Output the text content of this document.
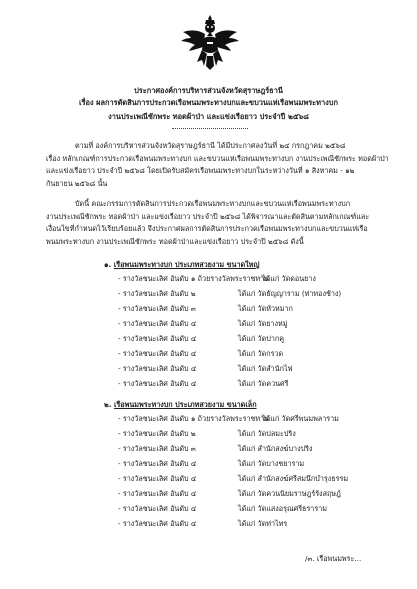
ประกาศองค์การบริหารส่วนจังหวัดสุราษฎร์ธานี
เรื่อง ผลการตัดสินการประกวดเรือพนมพระทางบกและขบวนแห่เรือพนมพระทางบก
งานประเพณีชักพระ ทอดผ้าป่า และแข่งเรือยาว ประจำปี ๒๕๖๘
ตามที่ องค์การบริหารส่วนจังหวัดสุราษฎร์ธานี ได้มีประกาศลงวันที่ ๒๔ กรกฎาคม ๒๕๖๘
เรื่อง หลักเกณฑ์การประกวดเรือพนมพระทางบก และขบวนแห่เรือพนมพระทางบก งานประเพณีชักพระ ทอดผ้าป่า
และแข่งเรือยาว ประจำปี ๒๕๖๘ โดยเปิดรับสมัครเรือพนมพระทางบกในระหว่างวันที่ ๑ สิงหาคม - ๑๒
กันยายน ๒๕๖๘ นั้น
บัดนี้ คณะกรรมการตัดสินการประกวดเรือพนมพระทางบกและขบวนแห่เรือพนมพระทางบก
งานประเพณีชักพระ ทอดผ้าป่า และแข่งเรือยาว ประจำปี ๒๕๖๘ ได้พิจารณาและตัดสินตามหลักเกณฑ์และ
เงื่อนไขที่กำหนดไว้เรียบร้อยแล้ว จึงประกาศผลการตัดสินการประกวดเรือพนมพระทางบกและขบวนแห่เรือ
พนมพระทางบก งานประเพณีชักพระ ทอดผ้าป่าและแข่งเรือยาว ประจำปี ๒๕๖๘ ดังนี้
๑. เรือพนมพระทางบก ประเภทสวยงาม ขนาดใหญ่
- รางวัลชนะเลิศ อันดับ ๑ ถ้วยรางวัลพระราชทาน
ได้แก่ วัดดอนยาง
- รางวัลชนะเลิศ อันดับ ๒	ได้แก่ วัดธัญญาราม (ท่าทองช้าง)
- รางวัลชนะเลิศ อันดับ ๓	ได้แก่ วัดหัวหมาก
- รางวัลชนะเลิศ อันดับ ๔	ได้แก่ วัดยางหมู่
- รางวัลชนะเลิศ อันดับ ๔	ได้แก่ วัดปากคู
- รางวัลชนะเลิศ อันดับ ๔	ได้แก่ วัดกรวด
- รางวัลชนะเลิศ อันดับ ๔	ได้แก่ วัดสำนักไฟ
- รางวัลชนะเลิศ อันดับ ๔	ได้แก่ วัดควนศรี
๒. เรือพนมพระทางบก ประเภทสวยงาม ขนาดเล็ก
- รางวัลชนะเลิศ อันดับ ๑ ถ้วยรางวัลพระราชทาน
ได้แก่ วัดศรีพนมพลาราม
- รางวัลชนะเลิศ อันดับ ๒	ได้แก่ วัดปลมะปริง
- รางวัลชนะเลิศ อันดับ ๓	ได้แก่ สำนักสงฆ์บางปริง
- รางวัลชนะเลิศ อันดับ ๔	ได้แก่ วัดบางชยาราม
- รางวัลชนะเลิศ อันดับ ๔	ได้แก่ สำนักสงฆ์ศรีสมนึกบำรุงธรรม
- รางวัลชนะเลิศ อันดับ ๔	ได้แก่ วัดควนนิยมราษฎร์รังสฤษฎ์
- รางวัลชนะเลิศ อันดับ ๔	ได้แก่ วัดแสงอรุณศรีธราราม
- รางวัลชนะเลิศ อันดับ ๔	ได้แก่ วัดท่าไทร
/๓. เรือพนมพระ...
